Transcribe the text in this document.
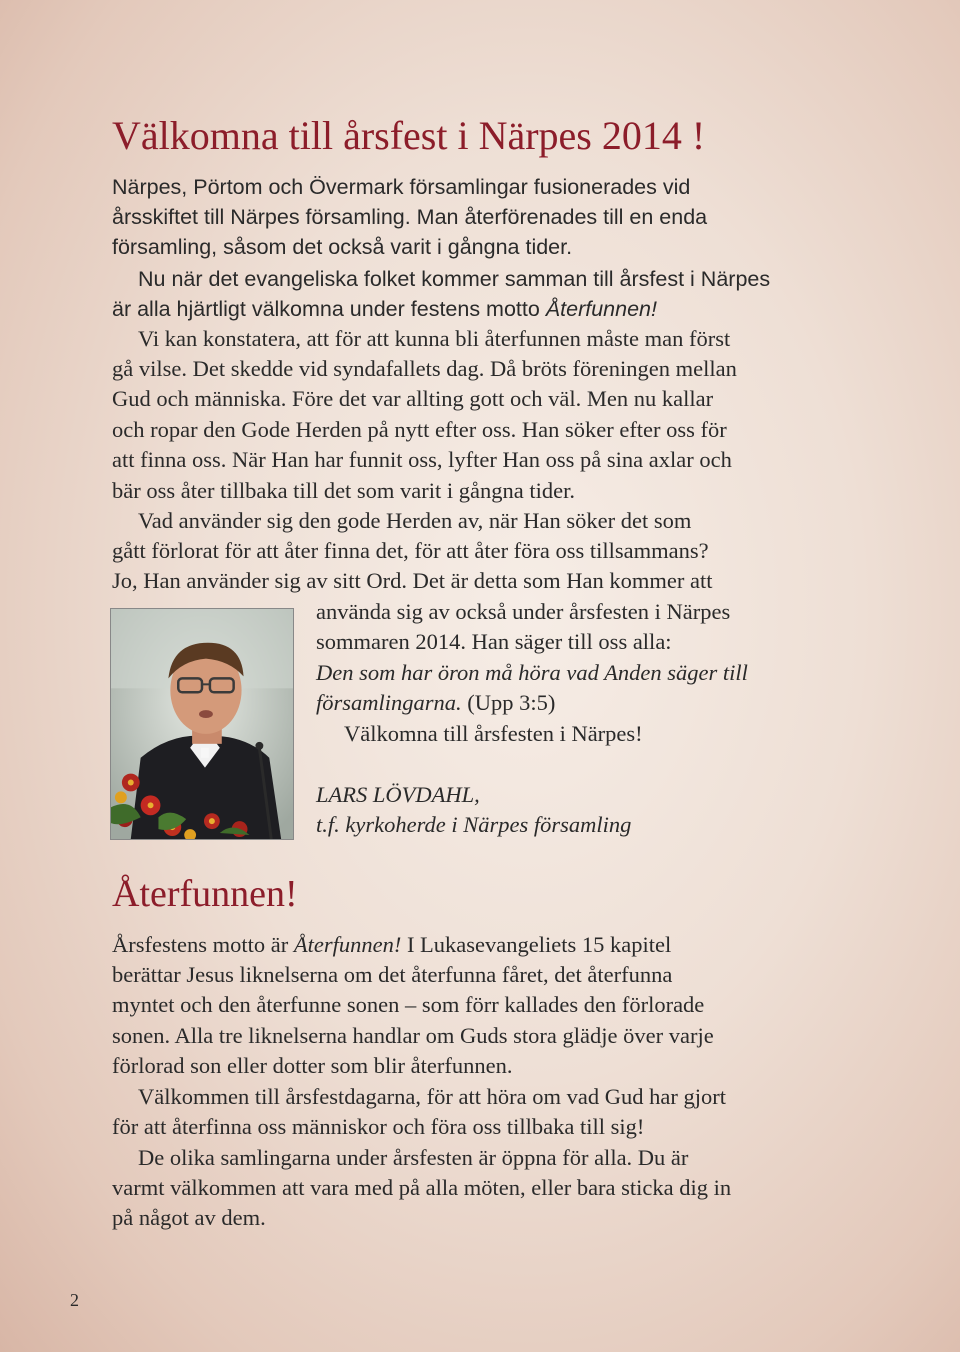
Välkomna till årsfest i Närpes 2014 !
Närpes, Pörtom och Övermark församlingar fusionerades vid
årsskiftet till Närpes församling. Man återförenades till en enda
församling, såsom det också varit i gångna tider.
Nu när det evangeliska folket kommer samman till årsfest i Närpes
är alla hjärtligt välkomna under festens motto Återfunnen!
Vi kan konstatera, att för att kunna bli återfunnen måste man först
gå vilse. Det skedde vid syndafallets dag. Då bröts föreningen mellan
Gud och människa. Före det var allting gott och väl. Men nu kallar
och ropar den Gode Herden på nytt efter oss. Han söker efter oss för
att finna oss. När Han har funnit oss, lyfter Han oss på sina axlar och
bär oss åter tillbaka till det som varit i gångna tider.
Vad använder sig den gode Herden av, när Han söker det som
gått förlorat för att åter finna det, för att åter föra oss tillsammans?
Jo, Han använder sig av sitt Ord. Det är detta som Han kommer att
använda sig av också under årsfesten i Närpes
sommaren 2014. Han säger till oss alla:
Den som har öron må höra vad Anden säger till
församlingarna. (Upp 3:5)
Välkomna till årsfesten i Närpes!
LARS LÖVDAHL,
t.f. kyrkoherde i Närpes församling
Återfunnen!
Årsfestens motto är Återfunnen! I Lukasevangeliets 15 kapitel
berättar Jesus liknelserna om det återfunna fåret, det återfunna
myntet och den återfunne sonen – som förr kallades den förlorade
sonen. Alla tre liknelserna handlar om Guds stora glädje över varje
förlorad son eller dotter som blir återfunnen.
Välkommen till årsfestdagarna, för att höra om vad Gud har gjort
för att återfinna oss människor och föra oss tillbaka till sig!
De olika samlingarna under årsfesten är öppna för alla. Du är
varmt välkommen att vara med på alla möten, eller bara sticka dig in
på något av dem.
2
